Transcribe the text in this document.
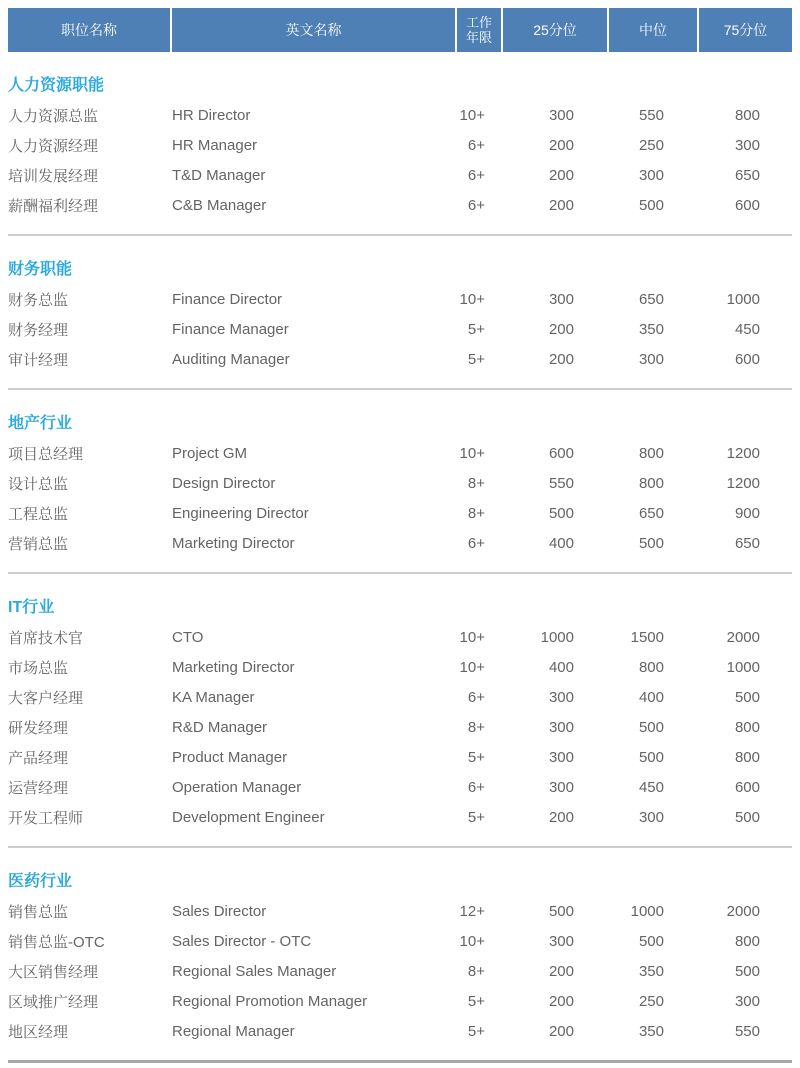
职位名称	英文名称	工作年限	25分位	中位	75分位
人力资源职能
人力资源总监	HR Director	10+	300	550	800
人力资源经理	HR Manager	6+	200	250	300
培训发展经理	T&D Manager	6+	200	300	650
薪酬福利经理	C&B Manager	6+	200	500	600
财务职能
财务总监	Finance Director	10+	300	650	1000
财务经理	Finance Manager	5+	200	350	450
审计经理	Auditing Manager	5+	200	300	600
地产行业
项目总经理	Project GM	10+	600	800	1200
设计总监	Design Director	8+	550	800	1200
工程总监	Engineering Director	8+	500	650	900
营销总监	Marketing Director	6+	400	500	650
IT行业
首席技术官	CTO	10+	1000	1500	2000
市场总监	Marketing Director	10+	400	800	1000
大客户经理	KA Manager	6+	300	400	500
研发经理	R&D Manager	8+	300	500	800
产品经理	Product Manager	5+	300	500	800
运营经理	Operation Manager	6+	300	450	600
开发工程师	Development Engineer	5+	200	300	500
医药行业
销售总监	Sales Director	12+	500	1000	2000
销售总监-OTC	Sales Director - OTC	10+	300	500	800
大区销售经理	Regional Sales Manager	8+	200	350	500
区域推广经理	Regional Promotion Manager	5+	200	250	300
地区经理	Regional Manager	5+	200	350	550
